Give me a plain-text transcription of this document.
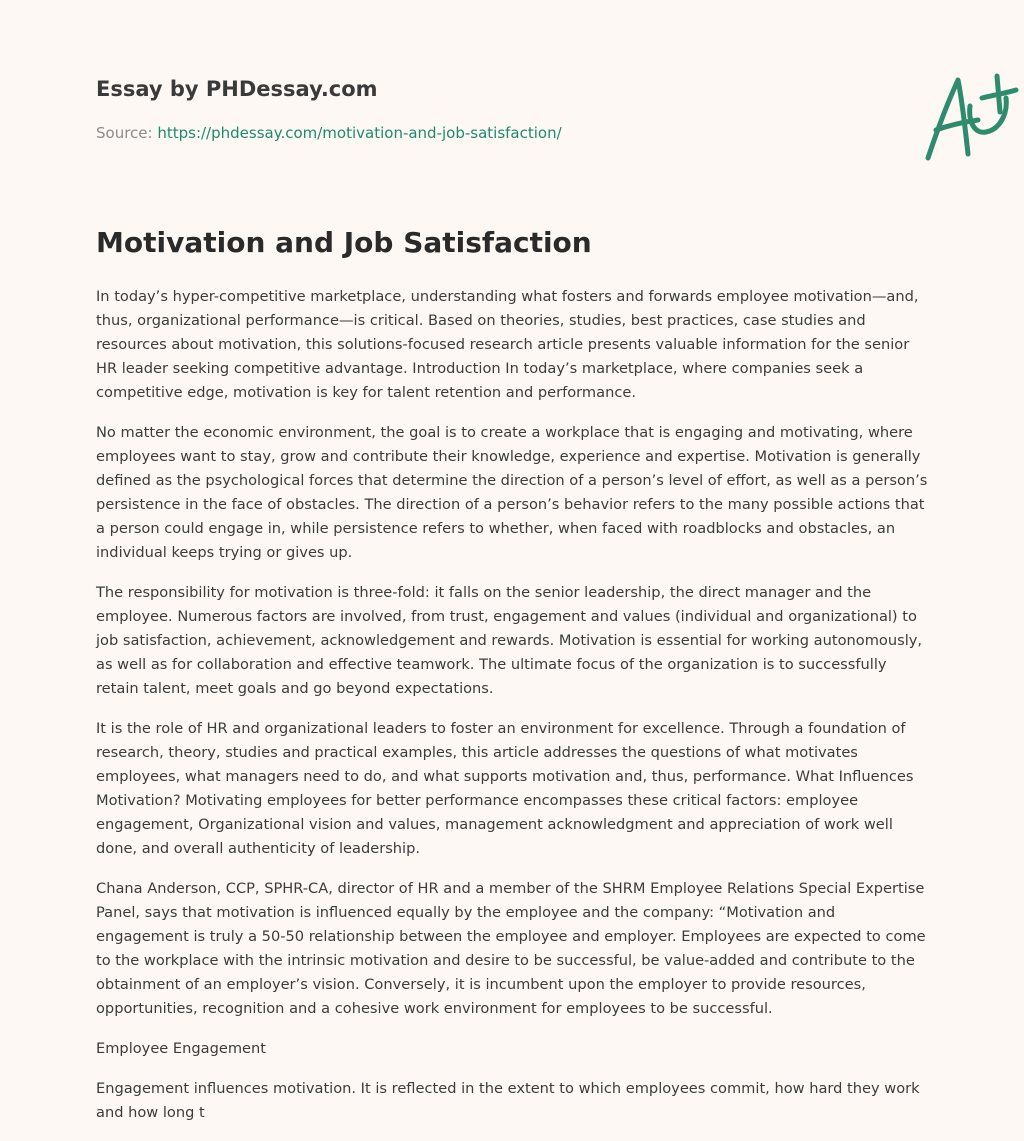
Essay by PHDessay.com
Source: https://phdessay.com/motivation-and-job-satisfaction/
Motivation and Job Satisfaction

In today’s hyper-competitive marketplace, understanding what fosters and forwards employee motivation—and, thus, organizational performance—is critical. Based on theories, studies, best practices, case studies and resources about motivation, this solutions-focused research article presents valuable information for the senior HR leader seeking competitive advantage. Introduction In today’s marketplace, where companies seek a competitive edge, motivation is key for talent retention and performance.

No matter the economic environment, the goal is to create a workplace that is engaging and motivating, where employees want to stay, grow and contribute their knowledge, experience and expertise. Motivation is generally defined as the psychological forces that determine the direction of a person’s level of effort, as well as a person’s persistence in the face of obstacles. The direction of a person’s behavior refers to the many possible actions that a person could engage in, while persistence refers to whether, when faced with roadblocks and obstacles, an individual keeps trying or gives up.

The responsibility for motivation is three-fold: it falls on the senior leadership, the direct manager and the employee. Numerous factors are involved, from trust, engagement and values (individual and organizational) to job satisfaction, achievement, acknowledgement and rewards. Motivation is essential for working autonomously, as well as for collaboration and effective teamwork. The ultimate focus of the organization is to successfully retain talent, meet goals and go beyond expectations.

It is the role of HR and organizational leaders to foster an environment for excellence. Through a foundation of research, theory, studies and practical examples, this article addresses the questions of what motivates employees, what managers need to do, and what supports motivation and, thus, performance. What Influences Motivation? Motivating employees for better performance encompasses these critical factors: employee engagement, Organizational vision and values, management acknowledgment and appreciation of work well done, and overall authenticity of leadership.

Chana Anderson, CCP, SPHR-CA, director of HR and a member of the SHRM Employee Relations Special Expertise Panel, says that motivation is influenced equally by the employee and the company: “Motivation and engagement is truly a 50-50 relationship between the employee and employer. Employees are expected to come to the workplace with the intrinsic motivation and desire to be successful, be value-added and contribute to the obtainment of an employer’s vision. Conversely, it is incumbent upon the employer to provide resources, opportunities, recognition and a cohesive work environment for employees to be successful.

Employee Engagement

Engagement influences motivation. It is reflected in the extent to which employees commit, how hard they work and how long t
